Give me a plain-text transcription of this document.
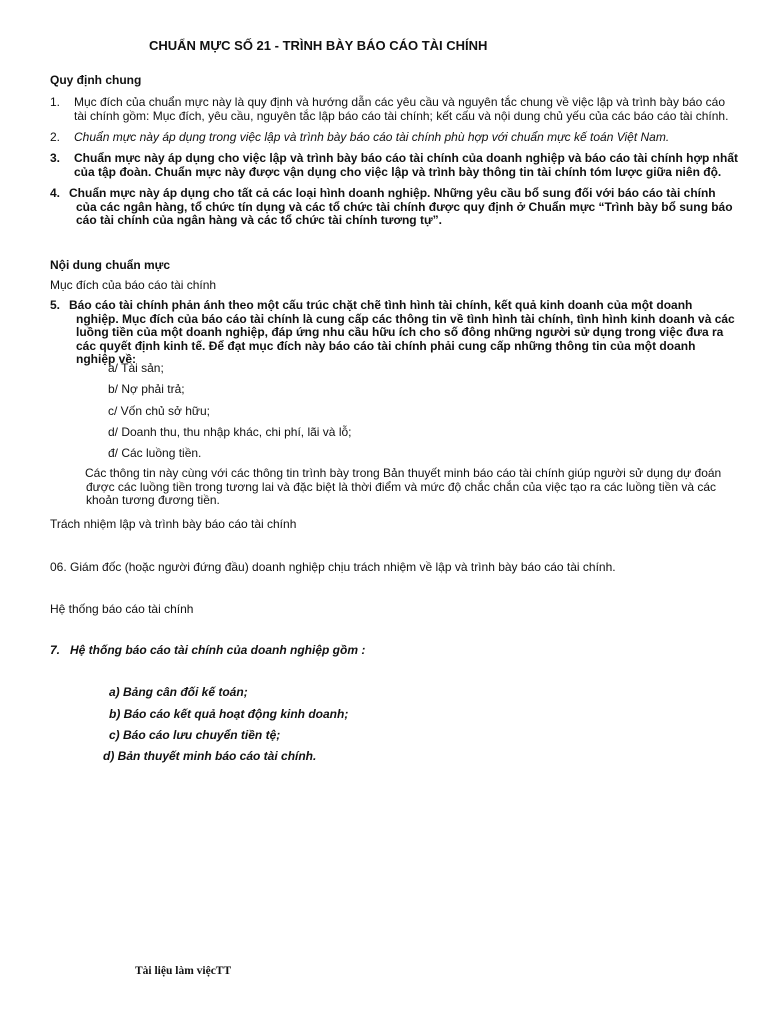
CHUẨN MỰC SỐ 21 - TRÌNH BÀY BÁO CÁO TÀI CHÍNH
Quy định chung
1.	Mục đích của chuẩn mực này là quy định và hướng dẫn các yêu cầu và nguyên tắc chung về việc lập và trình bày báo cáo tài chính gồm: Mục đích, yêu cầu, nguyên tắc lập báo cáo tài chính; kết cấu và nội dung chủ yếu của các báo cáo tài chính.
2.	Chuẩn mực này áp dụng trong việc lập và trình bày báo cáo tài chính phù hợp với chuẩn mực kế toán Việt Nam.
3.	Chuẩn mực này áp dụng cho việc lập và trình bày báo cáo tài chính của doanh nghiệp và báo cáo tài chính hợp nhất của tập đoàn. Chuẩn mực này được vận dụng cho việc lập và trình bày thông tin tài chính tóm lược giữa niên độ.
4. Chuẩn mực này áp dụng cho tất cả các loại hình doanh nghiệp. Những yêu cầu bổ sung đối với báo cáo tài chính của các ngân hàng, tổ chức tín dụng và các tổ chức tài chính được quy định ở Chuẩn mực “Trình bày bổ sung báo cáo tài chính của ngân hàng và các tổ chức tài chính tương tự”.
Nội dung chuẩn mực
Mục đích của báo cáo tài chính
5. Báo cáo tài chính phản ánh theo một cấu trúc chặt chẽ tình hình tài chính, kết quả kinh doanh của một doanh nghiệp. Mục đích của báo cáo tài chính là cung cấp các thông tin về tình hình tài chính, tình hình kinh doanh và các luồng tiền của một doanh nghiệp, đáp ứng nhu cầu hữu ích cho số đông những người sử dụng trong việc đưa ra các quyết định kinh tế. Để đạt mục đích này báo cáo tài chính phải cung cấp những thông tin của một doanh nghiệp về:
a/ Tài sản;
b/ Nợ phải trả;
c/ Vốn chủ sở hữu;
d/ Doanh thu, thu nhập khác, chi phí, lãi và lỗ;
đ/ Các luồng tiền.
Các thông tin này cùng với các thông tin trình bày trong Bản thuyết minh báo cáo tài chính giúp người sử dụng dự đoán được các luồng tiền trong tương lai và đặc biệt là thời điểm và mức độ chắc chắn của việc tạo ra các luồng tiền và các khoản tương đương tiền.
Trách nhiệm lập và trình bày báo cáo tài chính
06. Giám đốc (hoặc người đứng đầu) doanh nghiệp chịu trách nhiệm về lập và trình bày báo cáo tài chính.
Hệ thống báo cáo tài chính
7. Hệ thống báo cáo tài chính của doanh nghiệp gồm :
a) Bảng cân đối kế toán;
b) Báo cáo kết quả hoạt động kinh doanh;
c) Báo cáo lưu chuyển tiền tệ;
d) Bản thuyết minh báo cáo tài chính.
Tài liệu làm việcTT
